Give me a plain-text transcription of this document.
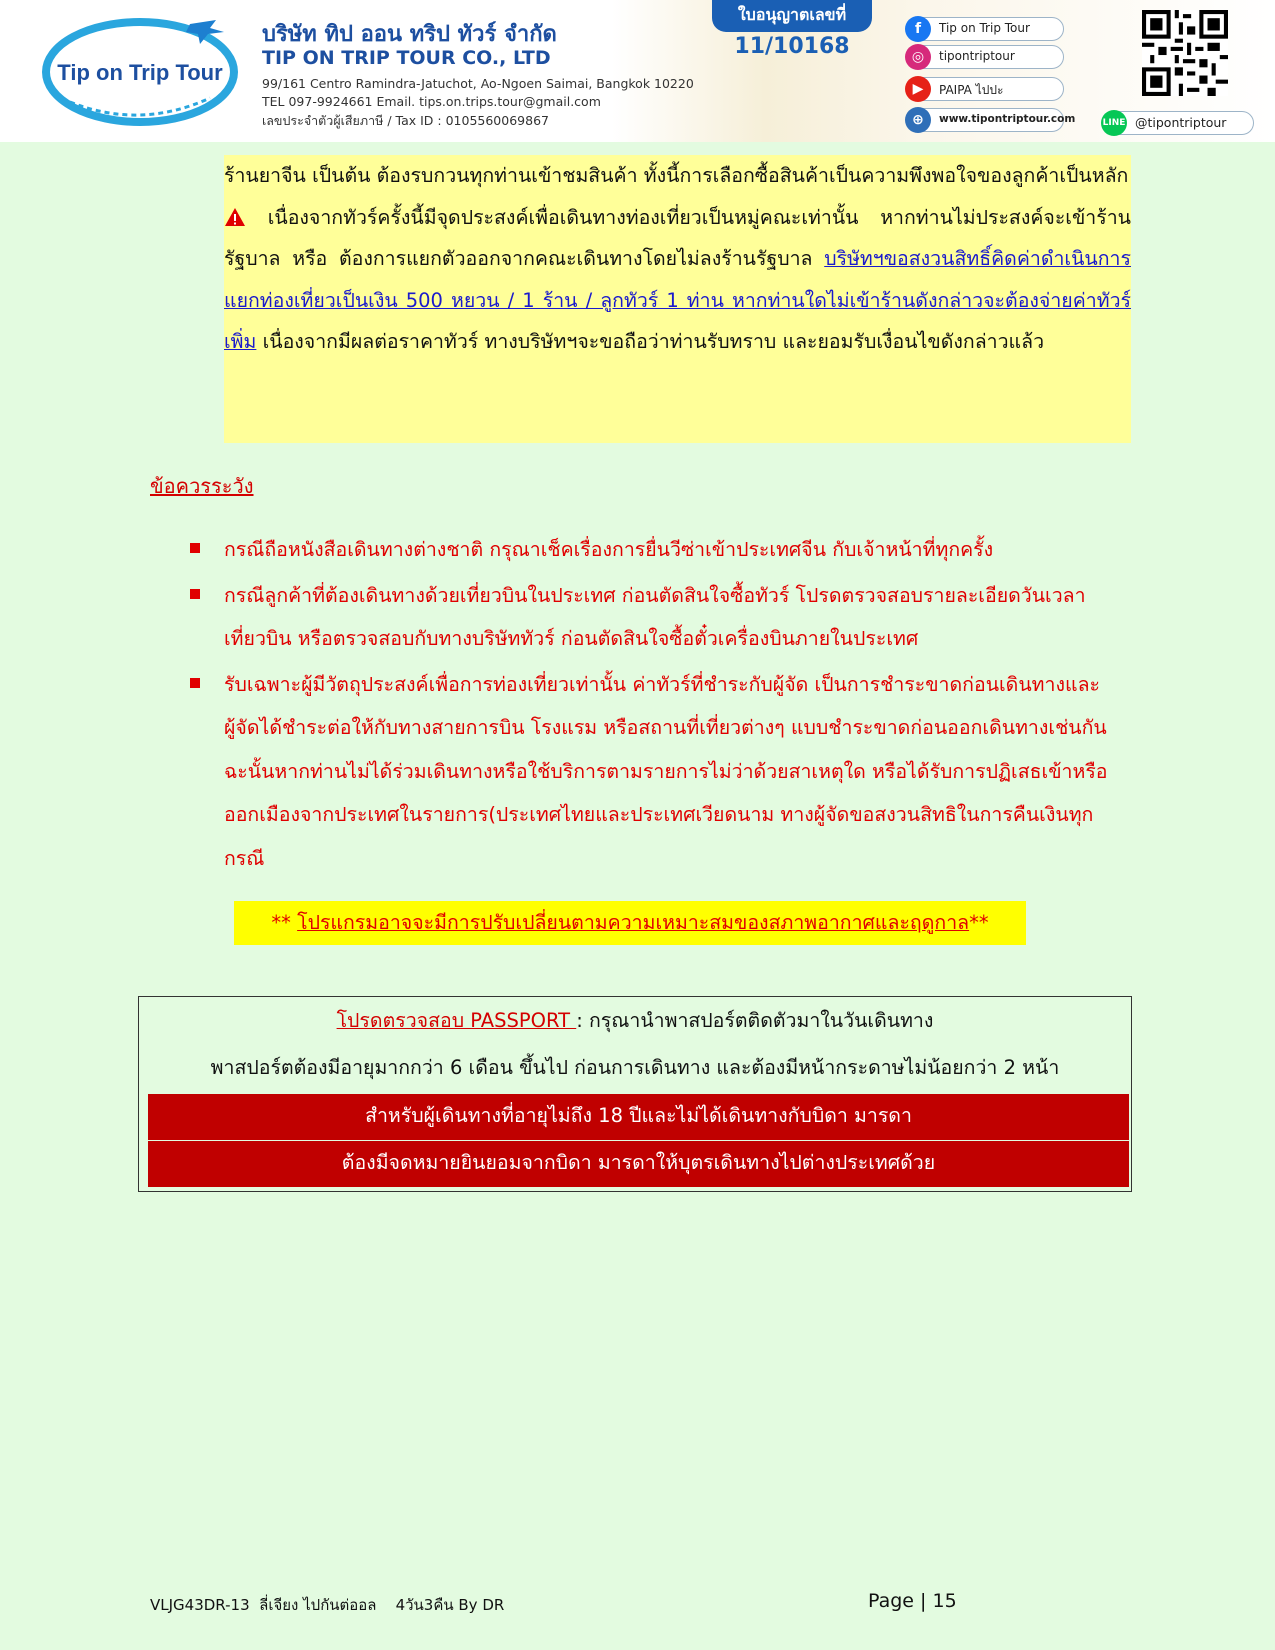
Tip on Trip Tour
บริษัท ทิป ออน ทริป ทัวร์ จำกัด
TIP ON TRIP TOUR CO., LTD
99/161 Centro Ramindra-Jatuchot, Ao-Ngoen Saimai, Bangkok 10220
TEL 097-9924661 Email. tips.on.trips.tour@gmail.com
เลขประจำตัวผู้เสียภาษี / Tax ID : 0105560069867
ใบอนุญาตเลขที่
11/10168
f	Tip on Trip Tour
◎	tipontriptour
▶	PAIPA ไปปะ
⊕	www.tipontriptour.com	LINE @tipontriptour

ร้านยาจีน เป็นต้น ต้องรบกวนทุกท่านเข้าชมสินค้า ทั้งนี้การเลือกซื้อสินค้าเป็นความพึงพอใจของลูกค้าเป็นหลัก

เนื่องจากทัวร์ครั้งนี้มีจุดประสงค์เพื่อเดินทางท่องเที่ยวเป็นหมู่คณะเท่านั้น หากท่านไม่ประสงค์จะเข้าร้านรัฐบาล หรือ ต้องการแยกตัวออกจากคณะเดินทางโดยไม่ลงร้านรัฐบาล บริษัทฯขอสงวนสิทธิ์คิดค่าดำเนินการแยกท่องเที่ยวเป็นเงิน 500 หยวน / 1 ร้าน / ลูกทัวร์ 1 ท่าน หากท่านใดไม่เข้าร้านดังกล่าวจะต้องจ่ายค่าทัวร์เพิ่ม เนื่องจากมีผลต่อราคาทัวร์ ทางบริษัทฯจะขอถือว่าท่านรับทราบ และยอมรับเงื่อนไขดังกล่าวแล้ว

ข้อควรระวัง
กรณีถือหนังสือเดินทางต่างชาติ กรุณาเช็คเรื่องการยื่นวีซ่าเข้าประเทศจีน กับเจ้าหน้าที่ทุกครั้ง
กรณีลูกค้าที่ต้องเดินทางด้วยเที่ยวบินในประเทศ ก่อนตัดสินใจซื้อทัวร์ โปรดตรวจสอบรายละเอียดวันเวลา เที่ยวบิน หรือตรวจสอบกับทางบริษัททัวร์ ก่อนตัดสินใจซื้อตั๋วเครื่องบินภายในประเทศ
รับเฉพาะผู้มีวัตถุประสงค์เพื่อการท่องเที่ยวเท่านั้น ค่าทัวร์ที่ชำระกับผู้จัด เป็นการชำระขาดก่อนเดินทางและผู้จัดได้ชำระต่อให้กับทางสายการบิน โรงแรม หรือสถานที่เที่ยวต่างๆ แบบชำระขาดก่อนออกเดินทางเช่นกัน ฉะนั้นหากท่านไม่ได้ร่วมเดินทางหรือใช้บริการตามรายการไม่ว่าด้วยสาเหตุใด หรือได้รับการปฏิเสธเข้าหรือออกเมืองจากประเทศในรายการ(ประเทศไทยและประเทศเวียดนาม ทางผู้จัดขอสงวนสิทธิในการคืนเงินทุกกรณี
** โปรแกรมอาจจะมีการปรับเปลี่ยนตามความเหมาะสมของสภาพอากาศและฤดูกาล**
โปรดตรวจสอบ PASSPORT : กรุณานำพาสปอร์ตติดตัวมาในวันเดินทาง
พาสปอร์ตต้องมีอายุมากกว่า 6 เดือน ขึ้นไป ก่อนการเดินทาง และต้องมีหน้ากระดาษไม่น้อยกว่า 2 หน้า
สำหรับผู้เดินทางที่อายุไม่ถึง 18 ปีและไม่ได้เดินทางกับบิดา มารดา
ต้องมีจดหมายยินยอมจากบิดา มารดาให้บุตรเดินทางไปต่างประเทศด้วย
VLJG43DR-13  ลี่เจียง ไปกันต่ออล    4วัน3คืน By DR	Page | 15
